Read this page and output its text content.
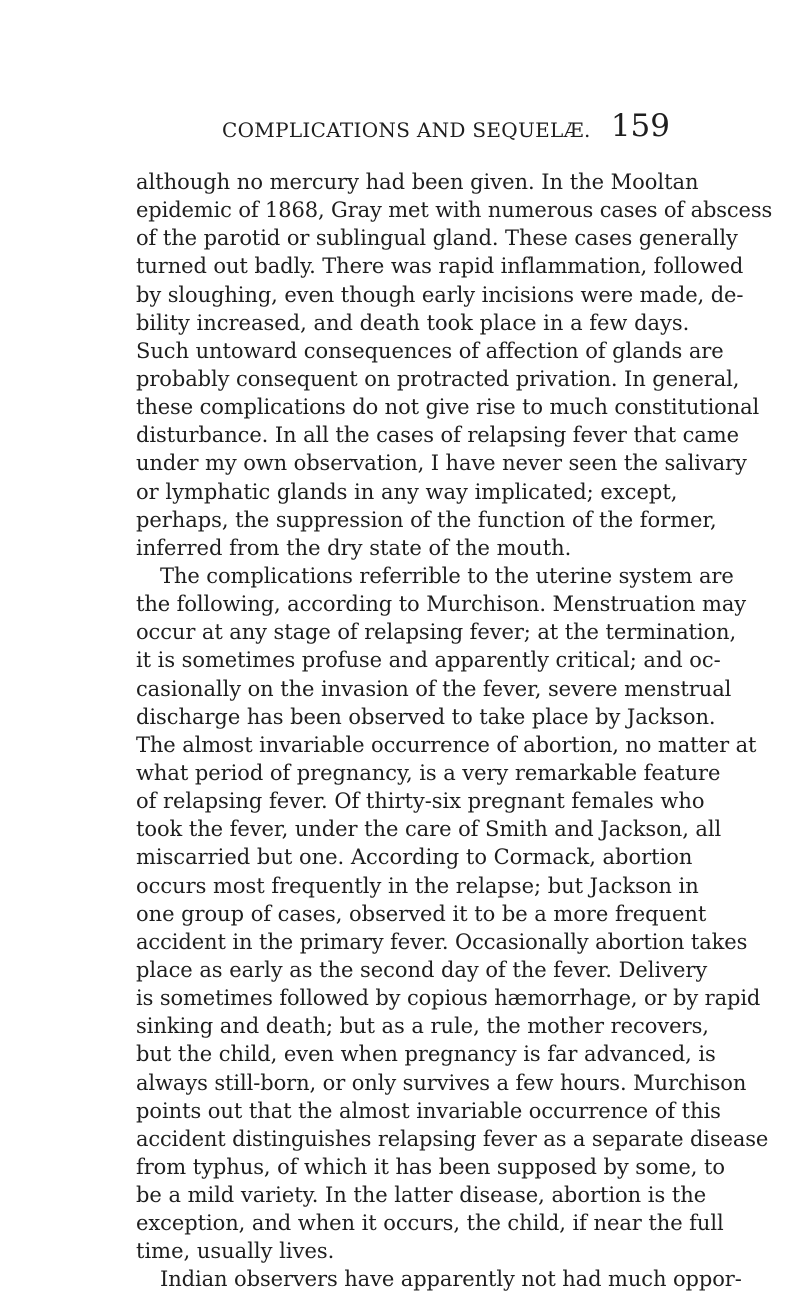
COMPLICATIONS AND SEQUELÆ. 159
although no mercury had been given. In the Mooltan
epidemic of 1868, Gray met with numerous cases of abscess
of the parotid or sublingual gland. These cases generally
turned out badly. There was rapid inflammation, followed
by sloughing, even though early incisions were made, de-
bility increased, and death took place in a few days.
Such untoward consequences of affection of glands are
probably consequent on protracted privation. In general,
these complications do not give rise to much constitutional
disturbance. In all the cases of relapsing fever that came
under my own observation, I have never seen the salivary
or lymphatic glands in any way implicated; except,
perhaps, the suppression of the function of the former,
inferred from the dry state of the mouth.
The complications referrible to the uterine system are
the following, according to Murchison. Menstruation may
occur at any stage of relapsing fever; at the termination,
it is sometimes profuse and apparently critical; and oc-
casionally on the invasion of the fever, severe menstrual
discharge has been observed to take place by Jackson.
The almost invariable occurrence of abortion, no matter at
what period of pregnancy, is a very remarkable feature
of relapsing fever. Of thirty-six pregnant females who
took the fever, under the care of Smith and Jackson, all
miscarried but one. According to Cormack, abortion
occurs most frequently in the relapse; but Jackson in
one group of cases, observed it to be a more frequent
accident in the primary fever. Occasionally abortion takes
place as early as the second day of the fever. Delivery
is sometimes followed by copious hæmorrhage, or by rapid
sinking and death; but as a rule, the mother recovers,
but the child, even when pregnancy is far advanced, is
always still-born, or only survives a few hours. Murchison
points out that the almost invariable occurrence of this
accident distinguishes relapsing fever as a separate disease
from typhus, of which it has been supposed by some, to
be a mild variety. In the latter disease, abortion is the
exception, and when it occurs, the child, if near the full
time, usually lives.
Indian observers have apparently not had much oppor-
